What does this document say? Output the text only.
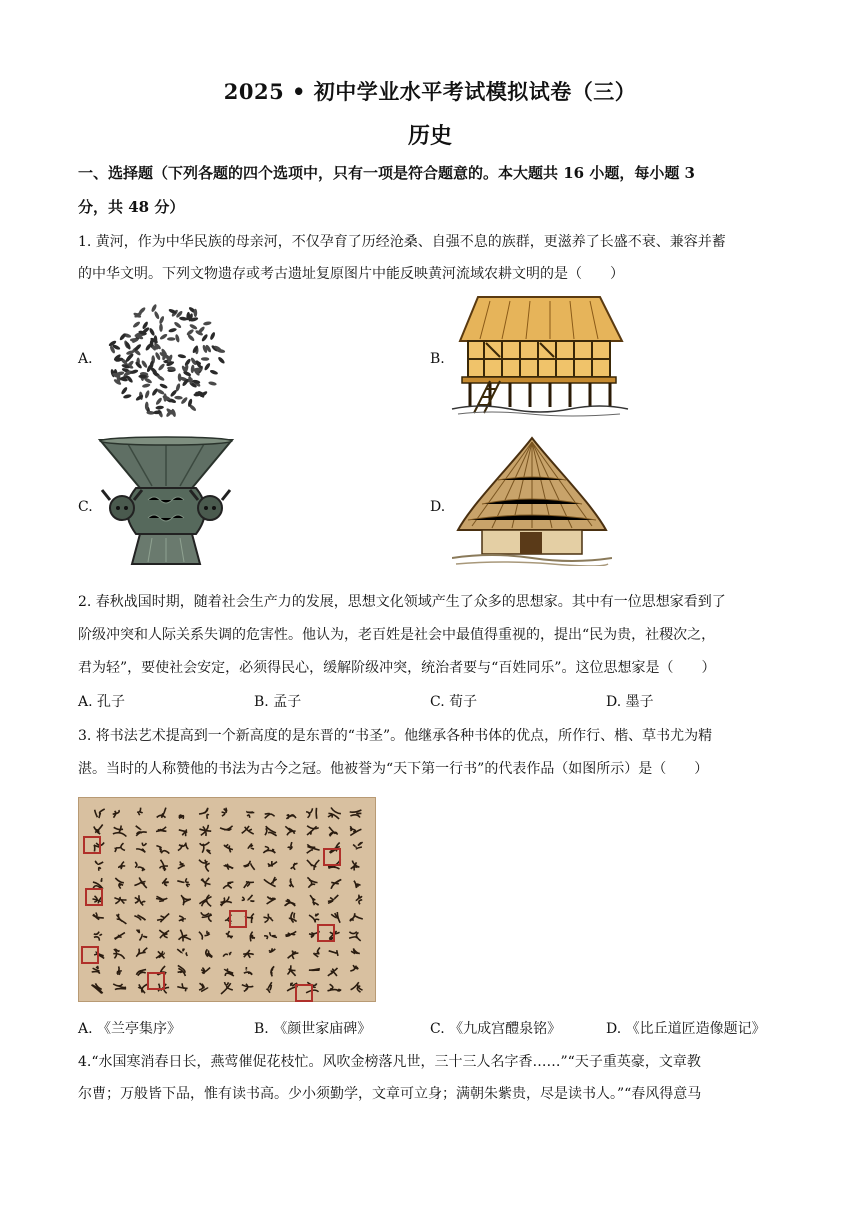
2025 • 初中学业水平考试模拟试卷（三）
历史
一、选择题（下列各题的四个选项中，只有一项是符合题意的。本大题共 16 小题，每小题 3
分，共 48 分）
1. 黄河，作为中华民族的母亲河，不仅孕育了历经沧桑、自强不息的族群，更滋养了长盛不衰、兼容并蓄
的中华文明。下列文物遗存或考古遗址复原图片中能反映黄河流域农耕文明的是（　　）
A．	B.
C.	D.
2. 春秋战国时期，随着社会生产力的发展，思想文化领域产生了众多的思想家。其中有一位思想家看到了
阶级冲突和人际关系失调的危害性。他认为，老百姓是社会中最值得重视的，提出“民为贵，社稷次之，
君为轻”，要使社会安定，必须得民心，缓解阶级冲突，统治者要与“百姓同乐”。这位思想家是（　　）
A. 孔子	B. 孟子	C. 荀子	D. 墨子
3. 将书法艺术提高到一个新高度的是东晋的“书圣”。他继承各种书体的优点，所作行、楷、草书尤为精
湛。当时的人称赞他的书法为古今之冠。他被誉为“天下第一行书”的代表作品（如图所示）是（　　）
A. 《兰亭集序》	B. 《颜世家庙碑》	C. 《九成宫醴泉铭》	D. 《比丘道匠造像题记》
4.“水国寒消春日长，燕莺催促花枝忙。风吹金榜落凡世，三十三人名字香……”“天子重英豪，文章教
尔曹；万般皆下品，惟有读书高。少小须勤学，文章可立身；满朝朱紫贵，尽是读书人。”“春风得意马
